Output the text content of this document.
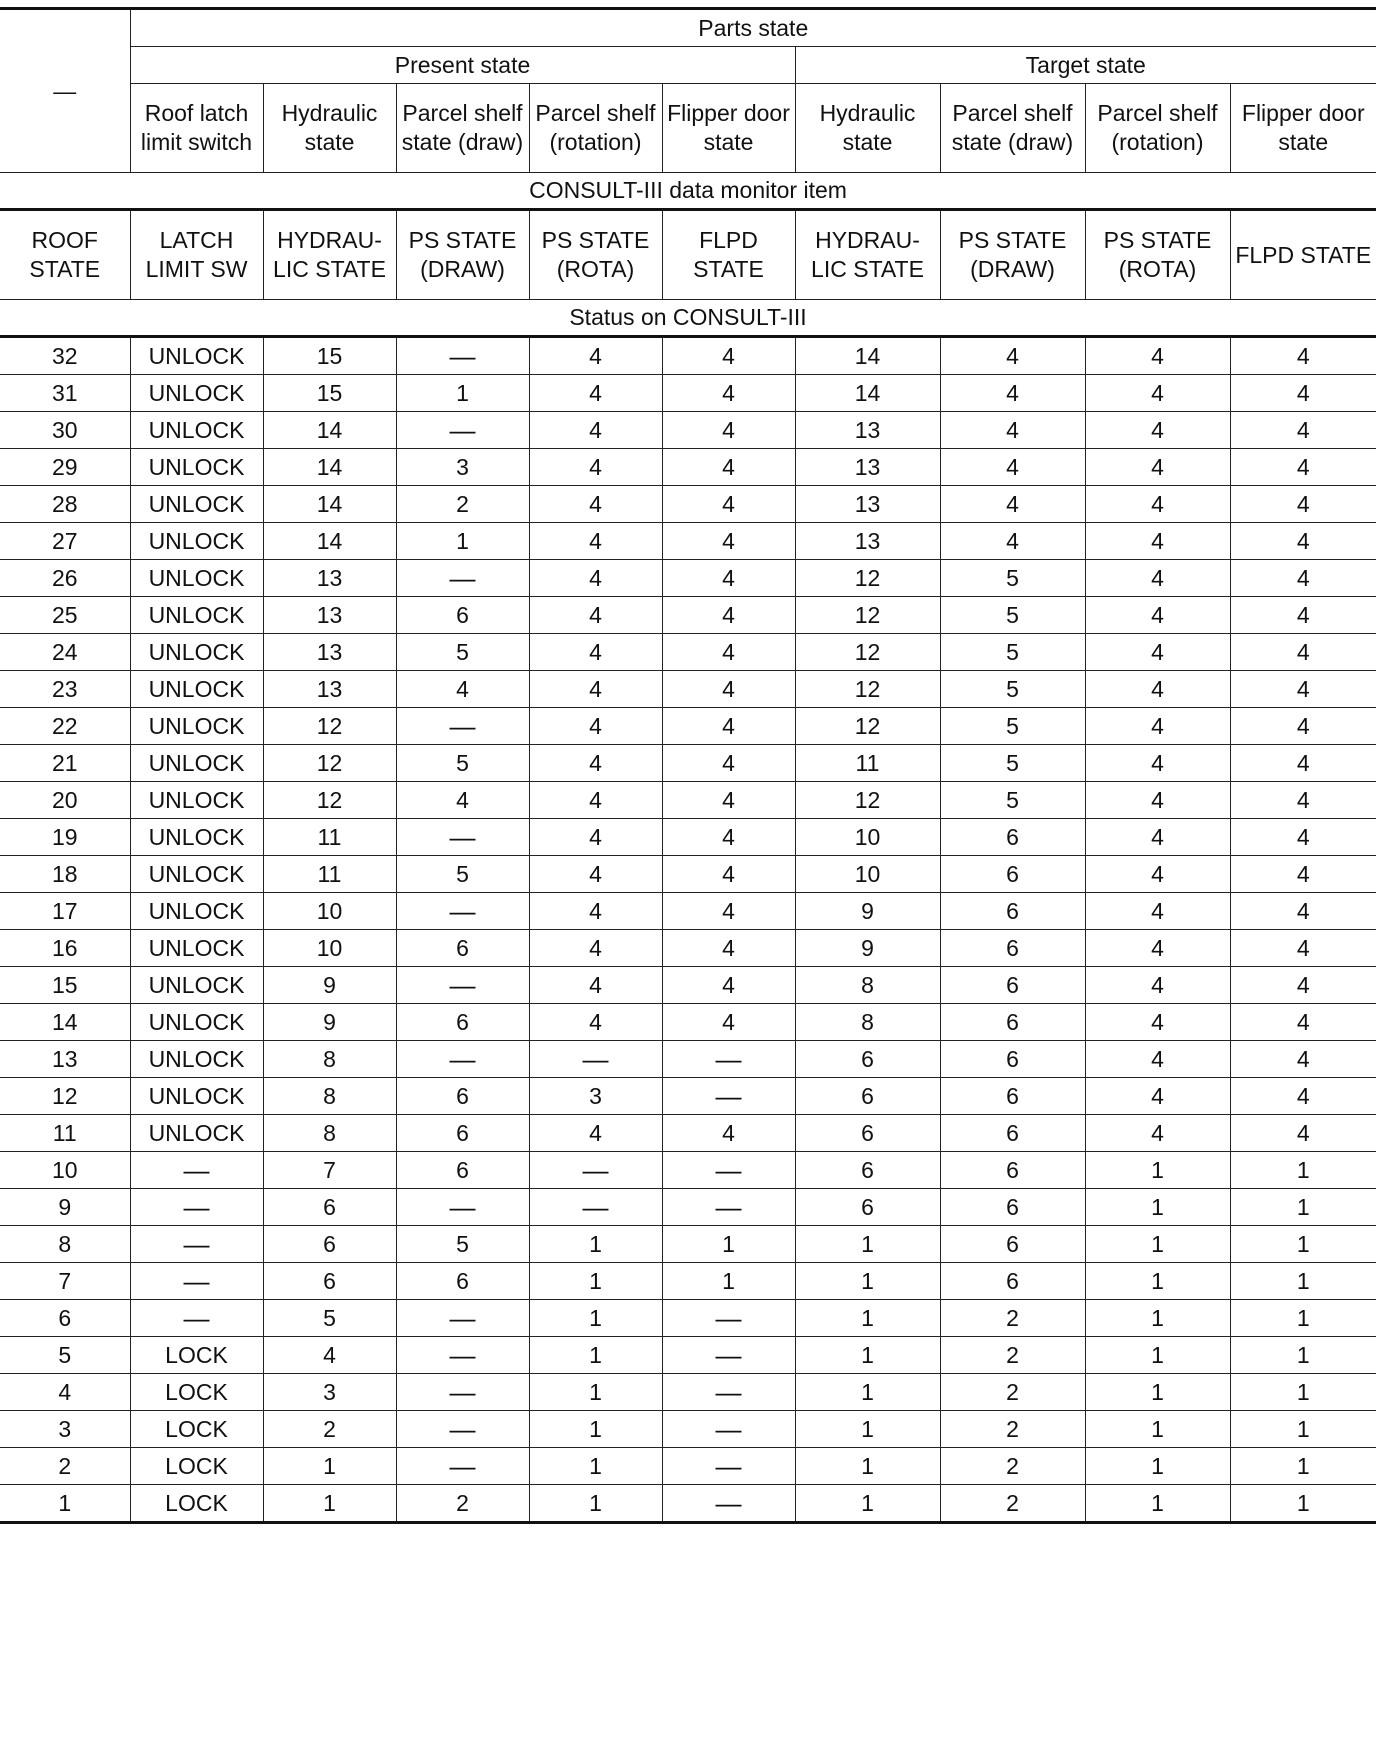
—	Parts state								
	Present state					Target state			
	Roof latch limit switch	Hydraulic state	Parcel shelf state (draw)	Parcel shelf (rotation)	Flipper door state	Hydraulic state	Parcel shelf state (draw)	Parcel shelf (rotation)	Flipper door state
CONSULT-III data monitor item									
ROOF STATE	LATCH LIMIT SW	HYDRAU-LIC STATE	PS STATE (DRAW)	PS STATE (ROTA)	FLPD STATE	HYDRAU-LIC STATE	PS STATE (DRAW)	PS STATE (ROTA)	FLPD STATE
Status on CONSULT-III									
32	UNLOCK	15	—	4	4	14	4	4	4
31	UNLOCK	15	1	4	4	14	4	4	4
30	UNLOCK	14	—	4	4	13	4	4	4
29	UNLOCK	14	3	4	4	13	4	4	4
28	UNLOCK	14	2	4	4	13	4	4	4
27	UNLOCK	14	1	4	4	13	4	4	4
26	UNLOCK	13	—	4	4	12	5	4	4
25	UNLOCK	13	6	4	4	12	5	4	4
24	UNLOCK	13	5	4	4	12	5	4	4
23	UNLOCK	13	4	4	4	12	5	4	4
22	UNLOCK	12	—	4	4	12	5	4	4
21	UNLOCK	12	5	4	4	11	5	4	4
20	UNLOCK	12	4	4	4	12	5	4	4
19	UNLOCK	11	—	4	4	10	6	4	4
18	UNLOCK	11	5	4	4	10	6	4	4
17	UNLOCK	10	—	4	4	9	6	4	4
16	UNLOCK	10	6	4	4	9	6	4	4
15	UNLOCK	9	—	4	4	8	6	4	4
14	UNLOCK	9	6	4	4	8	6	4	4
13	UNLOCK	8	—	—	—	6	6	4	4
12	UNLOCK	8	6	3	—	6	6	4	4
11	UNLOCK	8	6	4	4	6	6	4	4
10	—	7	6	—	—	6	6	1	1
9	—	6	—	—	—	6	6	1	1
8	—	6	5	1	1	1	6	1	1
7	—	6	6	1	1	1	6	1	1
6	—	5	—	1	—	1	2	1	1
5	LOCK	4	—	1	—	1	2	1	1
4	LOCK	3	—	1	—	1	2	1	1
3	LOCK	2	—	1	—	1	2	1	1
2	LOCK	1	—	1	—	1	2	1	1
1	LOCK	1	2	1	—	1	2	1	1
